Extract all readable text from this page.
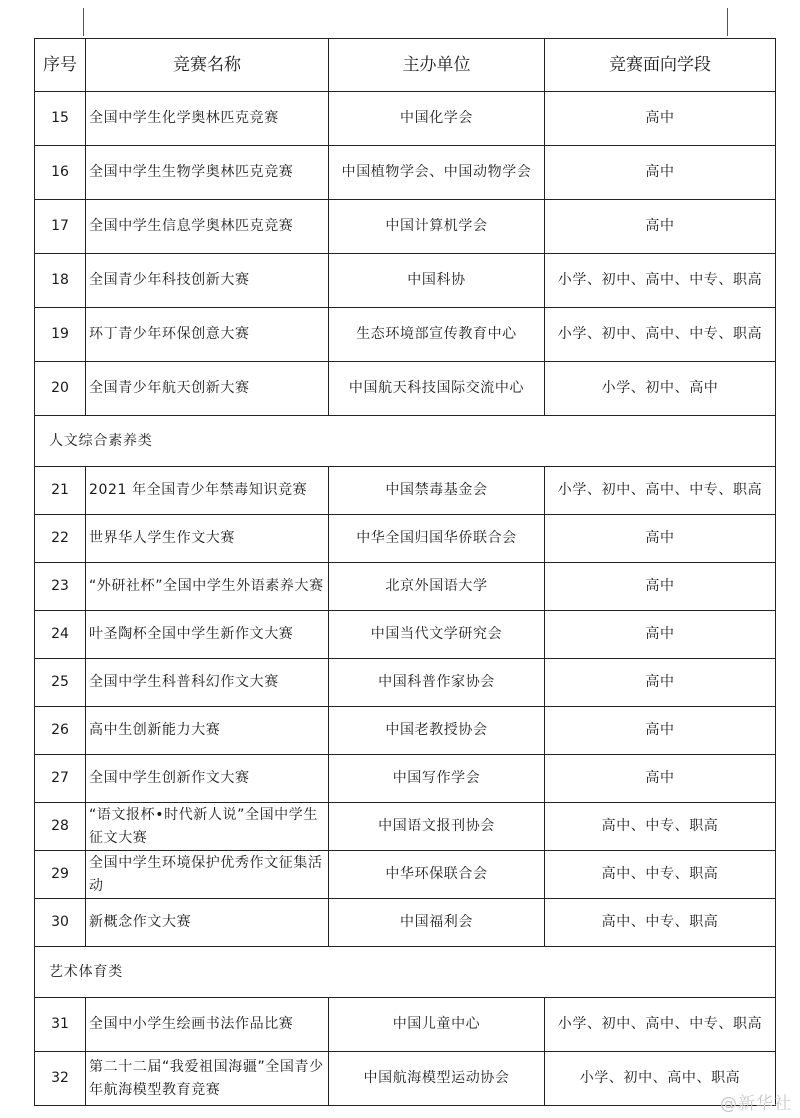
序号	竞赛名称	主办单位	竞赛面向学段
15	全国中学生化学奥林匹克竞赛	中国化学会	高中
16	全国中学生生物学奥林匹克竞赛	中国植物学会、中国动物学会	高中
17	全国中学生信息学奥林匹克竞赛	中国计算机学会	高中
18	全国青少年科技创新大赛	中国科协	小学、初中、高中、中专、职高
19	环丁青少年环保创意大赛	生态环境部宣传教育中心	小学、初中、高中、中专、职高
20	全国青少年航天创新大赛	中国航天科技国际交流中心	小学、初中、高中
人文综合素养类			
21	2021 年全国青少年禁毒知识竞赛	中国禁毒基金会	小学、初中、高中、中专、职高
22	世界华人学生作文大赛	中华全国归国华侨联合会	高中
23	“外研社杯”全国中学生外语素养大赛	北京外国语大学	高中
24	叶圣陶杯全国中学生新作文大赛	中国当代文学研究会	高中
25	全国中学生科普科幻作文大赛	中国科普作家协会	高中
26	高中生创新能力大赛	中国老教授协会	高中
27	全国中学生创新作文大赛	中国写作学会	高中
28	“语文报杯•时代新人说”全国中学生征文大赛	中国语文报刊协会	高中、中专、职高
29	全国中学生环境保护优秀作文征集活动	中华环保联合会	高中、中专、职高
30	新概念作文大赛	中国福利会	高中、中专、职高
艺术体育类			
31	全国中小学生绘画书法作品比赛	中国儿童中心	小学、初中、高中、中专、职高
32	第二十二届“我爱祖国海疆”全国青少年航海模型教育竞赛	中国航海模型运动协会	小学、初中、高中、职高
@新华社
